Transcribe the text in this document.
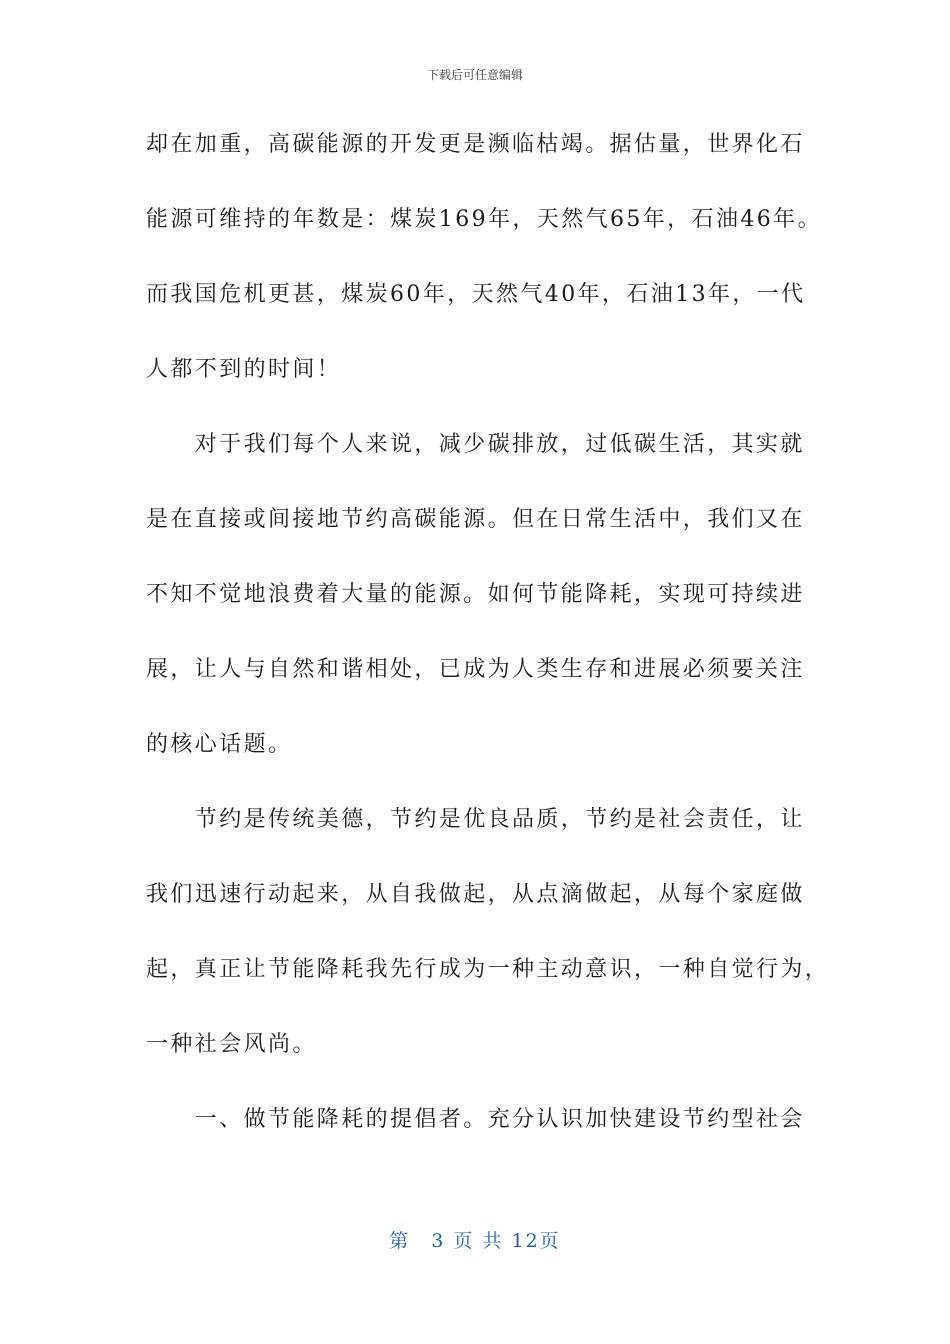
下载后可任意编辑
却在加重，高碳能源的开发更是濒临枯竭。据估量，世界化石
能源可维持的年数是：煤炭169年，天然气65年，石油46年。
而我国危机更甚，煤炭60年，天然气40年，石油13年，一代
人都不到的时间！
　　对于我们每个人来说，减少碳排放，过低碳生活，其实就
是在直接或间接地节约高碳能源。但在日常生活中，我们又在
不知不觉地浪费着大量的能源。如何节能降耗，实现可持续进
展，让人与自然和谐相处，已成为人类生存和进展必须要关注
的核心话题。
　　节约是传统美德，节约是优良品质，节约是社会责任，让
我们迅速行动起来，从自我做起，从点滴做起，从每个家庭做
起，真正让节能降耗我先行成为一种主动意识，一种自觉行为，
一种社会风尚。
　　一、做节能降耗的提倡者。充分认识加快建设节约型社会
第　3 页 共 12页
